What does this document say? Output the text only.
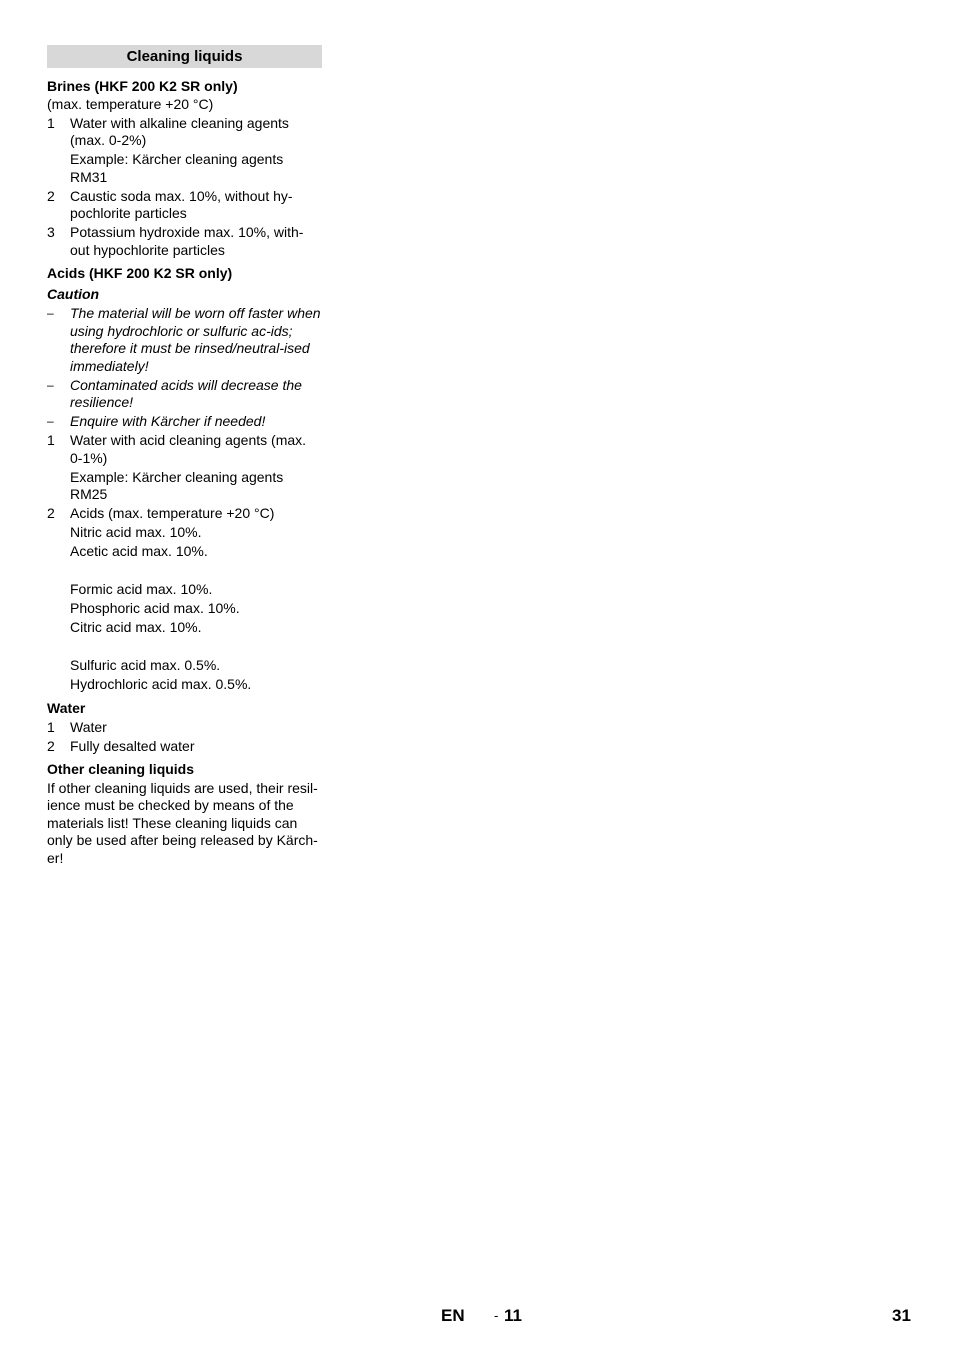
Cleaning liquids
Brines (HKF 200 K2 SR only)
(max. temperature +20 °C)
1	Water with alkaline cleaning agents (max. 0-2%)
Example: Kärcher cleaning agents RM31
2	Caustic soda max. 10%, without hy-pochlorite particles
3	Potassium hydroxide max. 10%, with-out hypochlorite particles
Acids (HKF 200 K2 SR only)
Caution
–	The material will be worn off faster when using hydrochloric or sulfuric ac-ids; therefore it must be rinsed/neutral-ised immediately!
–	Contaminated acids will decrease the resilience!
–	Enquire with Kärcher if needed!
1	Water with acid cleaning agents (max. 0-1%)
Example: Kärcher cleaning agents RM25
2	Acids (max. temperature +20 °C)
Nitric acid max. 10%.
Acetic acid max. 10%.
Formic acid max. 10%.
Phosphoric acid max. 10%.
Citric acid max. 10%.
Sulfuric acid max. 0.5%.
Hydrochloric acid max. 0.5%.
Water
1	Water
2	Fully desalted water
Other cleaning liquids
If other cleaning liquids are used, their resil-ience must be checked by means of the materials list! These cleaning liquids can only be used after being released by Kärch-er!
EN - 11	31
